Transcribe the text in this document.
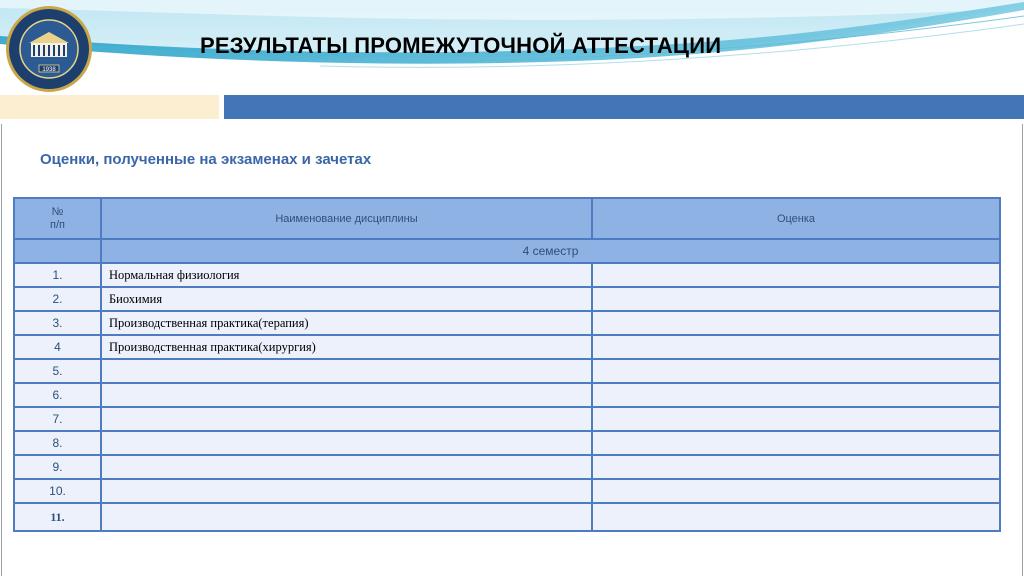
1938
РЕЗУЛЬТАТЫ ПРОМЕЖУТОЧНОЙ АТТЕСТАЦИИ
Оценки, полученные на экзаменах и зачетах
№
п/п	Наименование дисциплины	Оценка
	4 семестр	
1.	Нормальная физиология	
2.	Биохимия	
3.	Производственная практика(терапия)	
4	Производственная практика(хирургия)	
5.		
6.		
7.		
8.		
9.		
10.		
11.		
